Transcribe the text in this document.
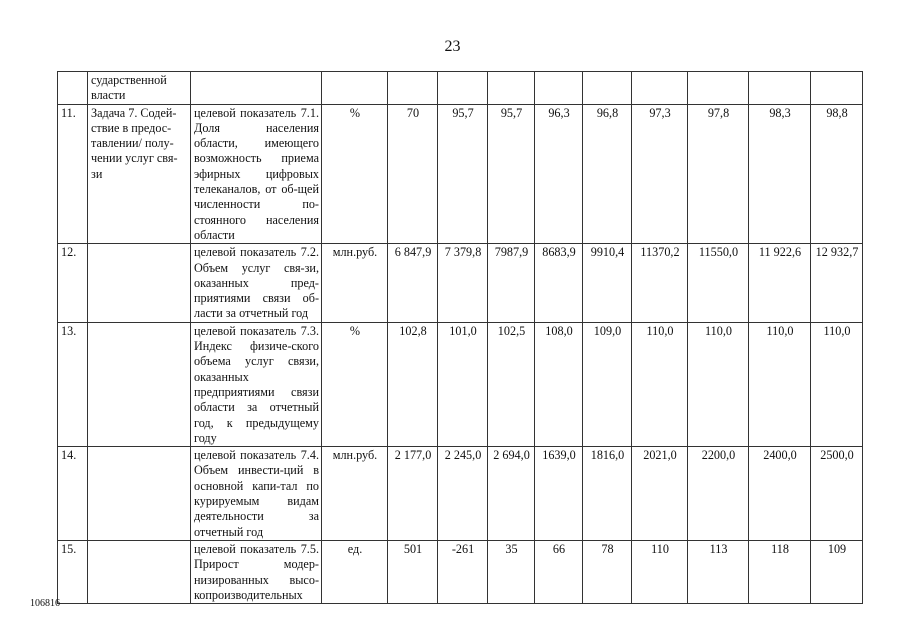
23
	сударственной власти											
11.	Задача 7. Содей-ствие в предос-тавлении/ полу-чении услуг свя-зи	целевой показатель 7.1. Доля населения области, имеющего возможность приема эфирных цифровых телеканалов, от об-щей численности по-стоянного населения области	%	70	95,7	95,7	96,3	96,8	97,3	97,8	98,3	98,8
12.		целевой показатель 7.2. Объем услуг свя-зи, оказанных пред-приятиями связи об-ласти за отчетный год	млн.руб.	6 847,9	7 379,8	7987,9	8683,9	9910,4	11370,2	11550,0	11 922,6	12 932,7
13.		целевой показатель 7.3. Индекс физиче-ского объема услуг связи, оказанных предприятиями связи области за отчетный год, к предыдущему году	%	102,8	101,0	102,5	108,0	109,0	110,0	110,0	110,0	110,0
14.		целевой показатель 7.4. Объем инвести-ций в основной капи-тал по курируемым видам деятельности за отчетный год	млн.руб.	2 177,0	2 245,0	2 694,0	1639,0	1816,0	2021,0	2200,0	2400,0	2500,0
15.		целевой показатель 7.5. Прирост модер-низированных высо-копроизводительных	ед.	501	-261	35	66	78	110	113	118	109
106816
